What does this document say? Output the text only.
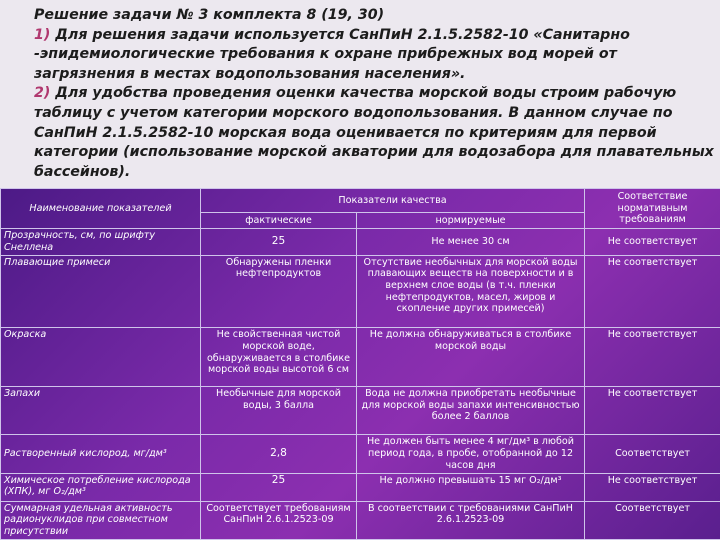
Решение задачи № 3 комплекта 8 (19, 30)

1) Для решения задачи используется СанПиН 2.1.5.2582-10 «Санитарно -эпидемиологические требования к охране прибрежных вод морей от загрязнения в местах водопользования населения».

2) Для удобства проведения оценки качества морской воды строим рабочую таблицу с учетом категории морского водопользования. В данном случае по СанПиН 2.1.5.2582-10 морская вода оценивается по критериям для первой категории (использование морской акватории для водозабора для плавательных бассейнов).

Наименование показателей	Показатели качества		Соответствие нормативным требованиям
	фактические	нормируемые	
Прозрачность, см, по шрифту Снеллена	25	Не менее 30 см	Не соответствует
Плавающие примеси	Обнаружены пленки нефтепродуктов	Отсутствие необычных для морской воды плавающих веществ на поверхности и в верхнем слое воды (в т.ч. пленки нефтепродуктов, масел, жиров и скопление других примесей)	Не соответствует
Окраска	Не свойственная чистой морской воде, обнаруживается в столбике морской воды высотой 6 см	Не должна обнаруживаться в столбике морской воды	Не соответствует
Запахи	Необычные для морской воды, 3 балла	Вода не должна приобретать необычные для морской воды запахи интенсивностью более 2 баллов	Не соответствует
Растворенный кислород, мг/дм³	2,8	Не должен быть менее 4 мг/дм³ в любой период года, в пробе, отобранной до 12 часов дня	Соответствует
Химическое потребление кислорода (ХПК), мг О₂/дм³	25	Не должно превышать 15 мг О₂/дм³	Не соответствует
Суммарная удельная активность радионуклидов при совместном присутствии	Соответствует требованиям СанПиН 2.6.1.2523-09	В соответствии с требованиями СанПиН 2.6.1.2523-09	Соответствует
